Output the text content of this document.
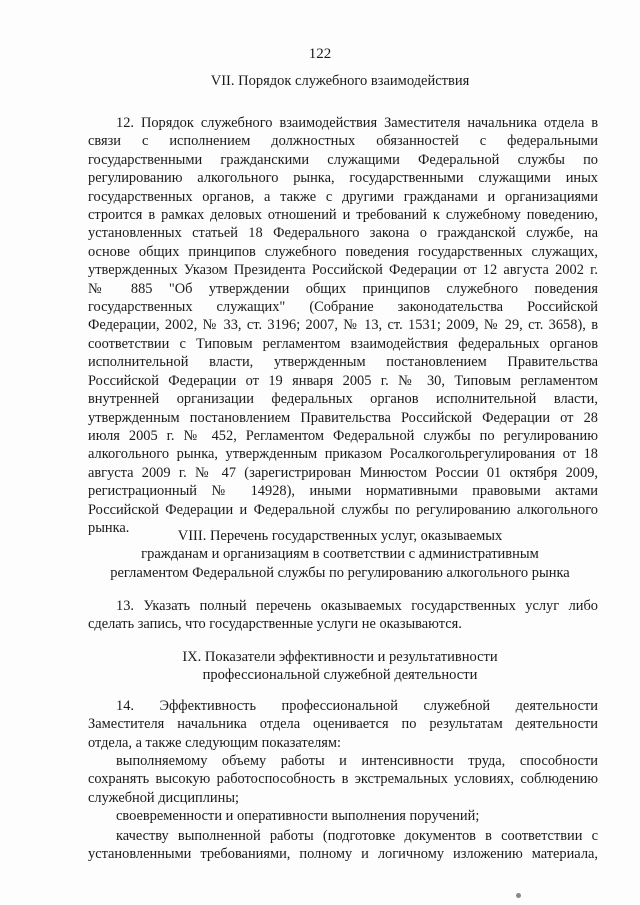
122
VII. Порядок служебного взаимодействия
12. Порядок служебного взаимодействия Заместителя начальника отдела в
связи с исполнением должностных обязанностей с федеральными
государственными гражданскими служащими Федеральной службы по
регулированию алкогольного рынка, государственными служащими иных
государственных органов, а также с другими гражданами и организациями
строится в рамках деловых отношений и требований к служебному поведению,
установленных статьей 18 Федерального закона о гражданской службе, на
основе общих принципов служебного поведения государственных служащих,
утвержденных Указом Президента Российской Федерации от 12 августа 2002 г.
№ 885 "Об утверждении общих принципов служебного поведения
государственных служащих" (Собрание законодательства Российской
Федерации, 2002, № 33, ст. 3196; 2007, № 13, ст. 1531; 2009, № 29, ст. 3658), в
соответствии с Типовым регламентом взаимодействия федеральных органов
исполнительной власти, утвержденным постановлением Правительства
Российской Федерации от 19 января 2005 г. № 30, Типовым регламентом
внутренней организации федеральных органов исполнительной власти,
утвержденным постановлением Правительства Российской Федерации от 28
июля 2005 г. № 452, Регламентом Федеральной службы по регулированию
алкогольного рынка, утвержденным приказом Росалкогольрегулирования от 18
августа 2009 г. № 47 (зарегистрирован Минюстом России 01 октября 2009,
регистрационный № 14928), иными нормативными правовыми актами
Российской Федерации и Федеральной службы по регулированию алкогольного
рынка.
VIII. Перечень государственных услуг, оказываемых
гражданам и организациям в соответствии с административным
регламентом Федеральной службы по регулированию алкогольного рынка
13. Указать полный перечень оказываемых государственных услуг либо
сделать запись, что государственные услуги не оказываются.
IX. Показатели эффективности и результативности
профессиональной служебной деятельности
14. Эффективность профессиональной служебной деятельности
Заместителя начальника отдела оценивается по результатам деятельности
отдела, а также следующим показателям:
выполняемому объему работы и интенсивности труда, способности
сохранять высокую работоспособность в экстремальных условиях, соблюдению
служебной дисциплины;
своевременности и оперативности выполнения поручений;
качеству выполненной работы (подготовке документов в соответствии с
установленными требованиями, полному и логичному изложению материала,
